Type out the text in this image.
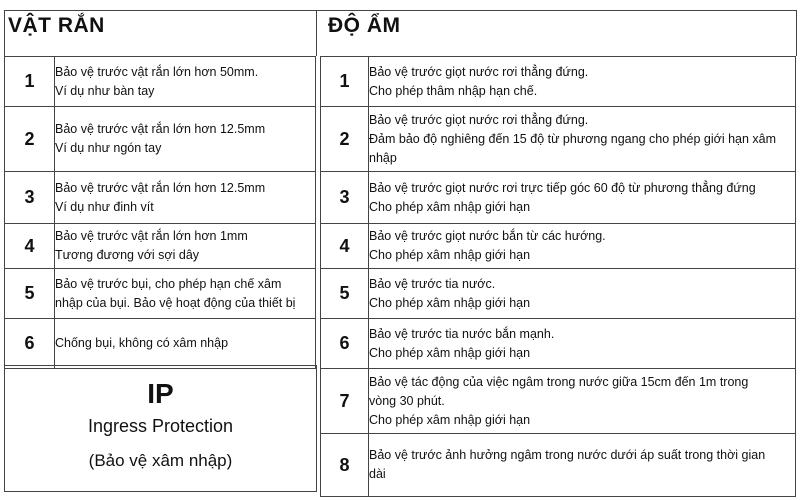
VẬT RẮN	ĐỘ ẨM
1	Bảo vệ trước vật rắn lớn hơn 50mm.
Ví dụ như bàn tay

2	Bảo vệ trước vật rắn lớn hơn 12.5mm
Ví dụ như ngón tay

3	Bảo vệ trước vật rắn lớn hơn 12.5mm
Ví dụ như đinh vít

4	Bảo vệ trước vật rắn lớn hơn 1mm
Tương đương với sợi dây

5	Bảo vệ trước bụi, cho phép hạn chế xâm
nhập của bụi. Bảo vệ hoạt động của thiết bị

6	Chống bụi, không có xâm nhập
1	Bảo vệ trước giọt nước rơi thẳng đứng.
Cho phép thâm nhập hạn chế.

2	Bảo vệ trước giọt nước rơi thẳng đứng.
Đảm bảo độ nghiêng đến 15 độ từ phương ngang cho phép giới hạn xâm
nhập

3	Bảo vệ trước giọt nước rơi trực tiếp góc 60 độ từ phương thẳng đứng
Cho phép xâm nhập giới hạn

4	Bảo vệ trước giọt nước bắn từ các hướng.
Cho phép xâm nhập giới hạn

5	Bảo vệ trước tia nước.
Cho phép xâm nhập giới hạn

6	Bảo vệ trước tia nước bắn mạnh.
Cho phép xâm nhập giới hạn

7	Bảo vệ tác động của việc ngâm trong nước giữa 15cm đến 1m trong
vòng 30 phút.
Cho phép xâm nhập giới hạn

8	Bảo vệ trước ảnh hưởng ngâm trong nước dưới áp suất trong thời gian
dài
IP
Ingress Protection
(Bảo vệ xâm nhập)
